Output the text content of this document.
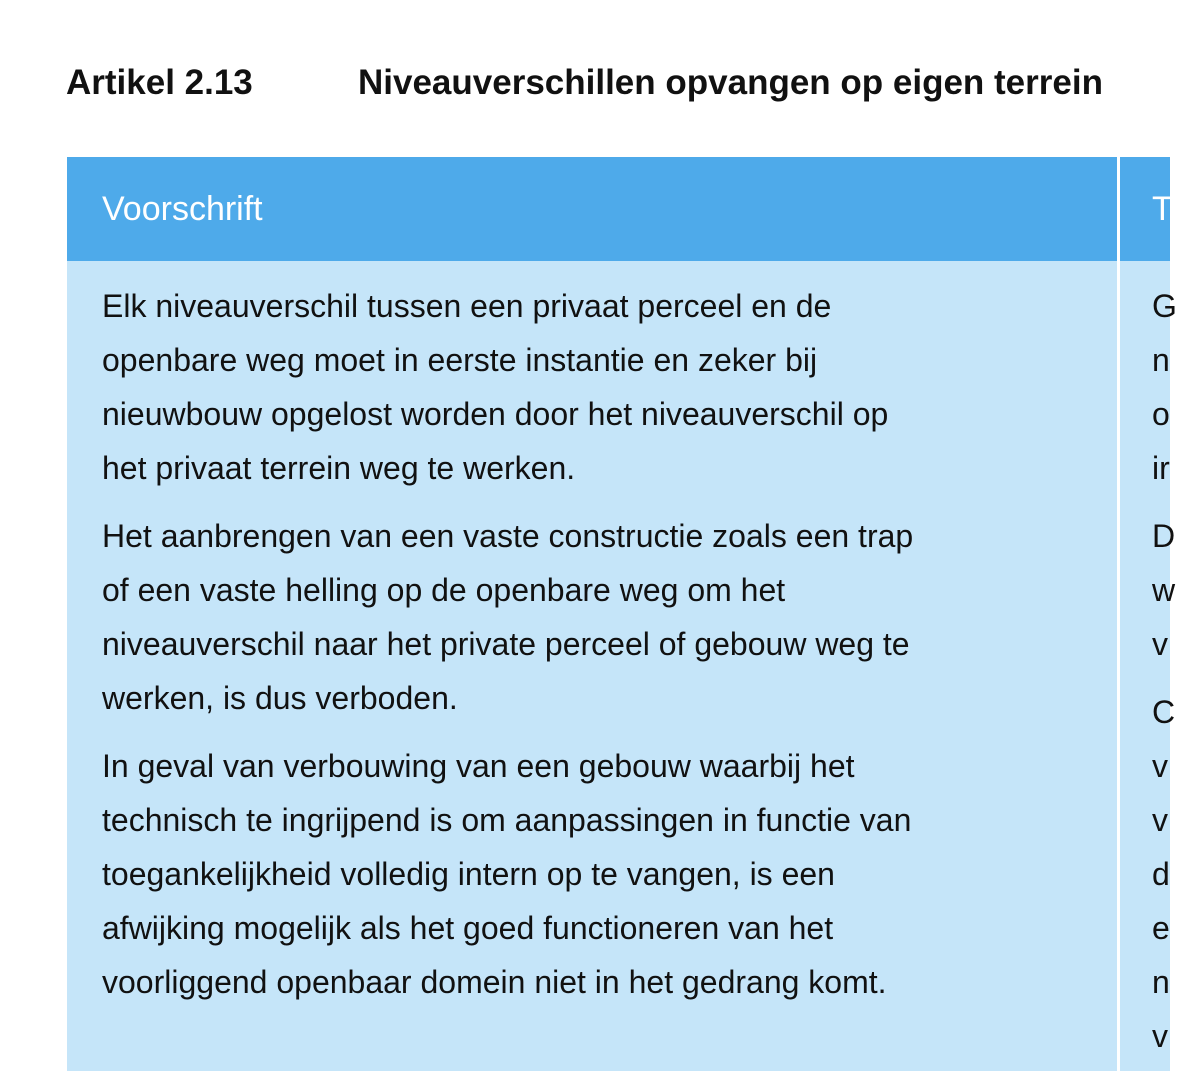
Artikel 2.13	Niveauverschillen opvangen op eigen terrein
Voorschrift	T

Elk niveauverschil tussen een privaat perceel en de
openbare weg moet in eerste instantie en zeker bij
nieuwbouw opgelost worden door het niveauverschil op
het privaat terrein weg te werken.

Het aanbrengen van een vaste constructie zoals een trap
of een vaste helling op de openbare weg om het
niveauverschil naar het private perceel of gebouw weg te
werken, is dus verboden.

In geval van verbouwing van een gebouw waarbij het
technisch te ingrijpend is om aanpassingen in functie van
toegankelijkheid volledig intern op te vangen, is een
afwijking mogelijk als het goed functioneren van het
voorliggend openbaar domein niet in het gedrang komt.

G
n
o
ir
D
w
v
C
v
v
d
e
n
v
